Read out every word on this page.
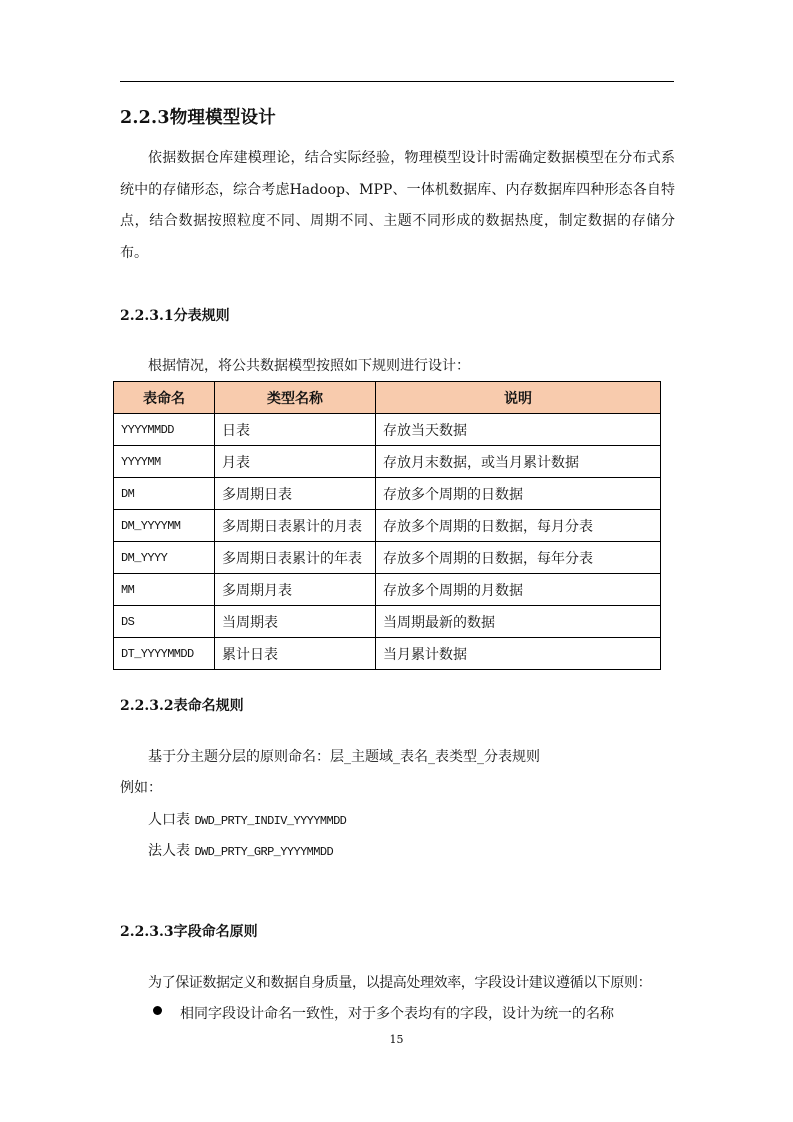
2.2.3物理模型设计
依据数据仓库建模理论，结合实际经验，物理模型设计时需确定数据模型在分布式系统中的存储形态，综合考虑Hadoop、MPP、一体机数据库、内存数据库四种形态各自特点，结合数据按照粒度不同、周期不同、主题不同形成的数据热度，制定数据的存储分布。
2.2.3.1分表规则
根据情况，将公共数据模型按照如下规则进行设计：
表命名	类型名称	说明
YYYYMMDD	日表	存放当天数据
YYYYMM	月表	存放月末数据，或当月累计数据
DM	多周期日表	存放多个周期的日数据
DM_YYYYMM	多周期日表累计的月表	存放多个周期的日数据，每月分表
DM_YYYY	多周期日表累计的年表	存放多个周期的日数据，每年分表
MM	多周期月表	存放多个周期的月数据
DS	当周期表	当周期最新的数据
DT_YYYYMMDD	累计日表	当月累计数据
2.2.3.2表命名规则
基于分主题分层的原则命名：层_主题域_表名_表类型_分表规则
例如：
人口表 DWD_PRTY_INDIV_YYYYMMDD
法人表 DWD_PRTY_GRP_YYYYMMDD
2.2.3.3字段命名原则
为了保证数据定义和数据自身质量，以提高处理效率，字段设计建议遵循以下原则：
相同字段设计命名一致性，对于多个表均有的字段，设计为统一的名称
15
